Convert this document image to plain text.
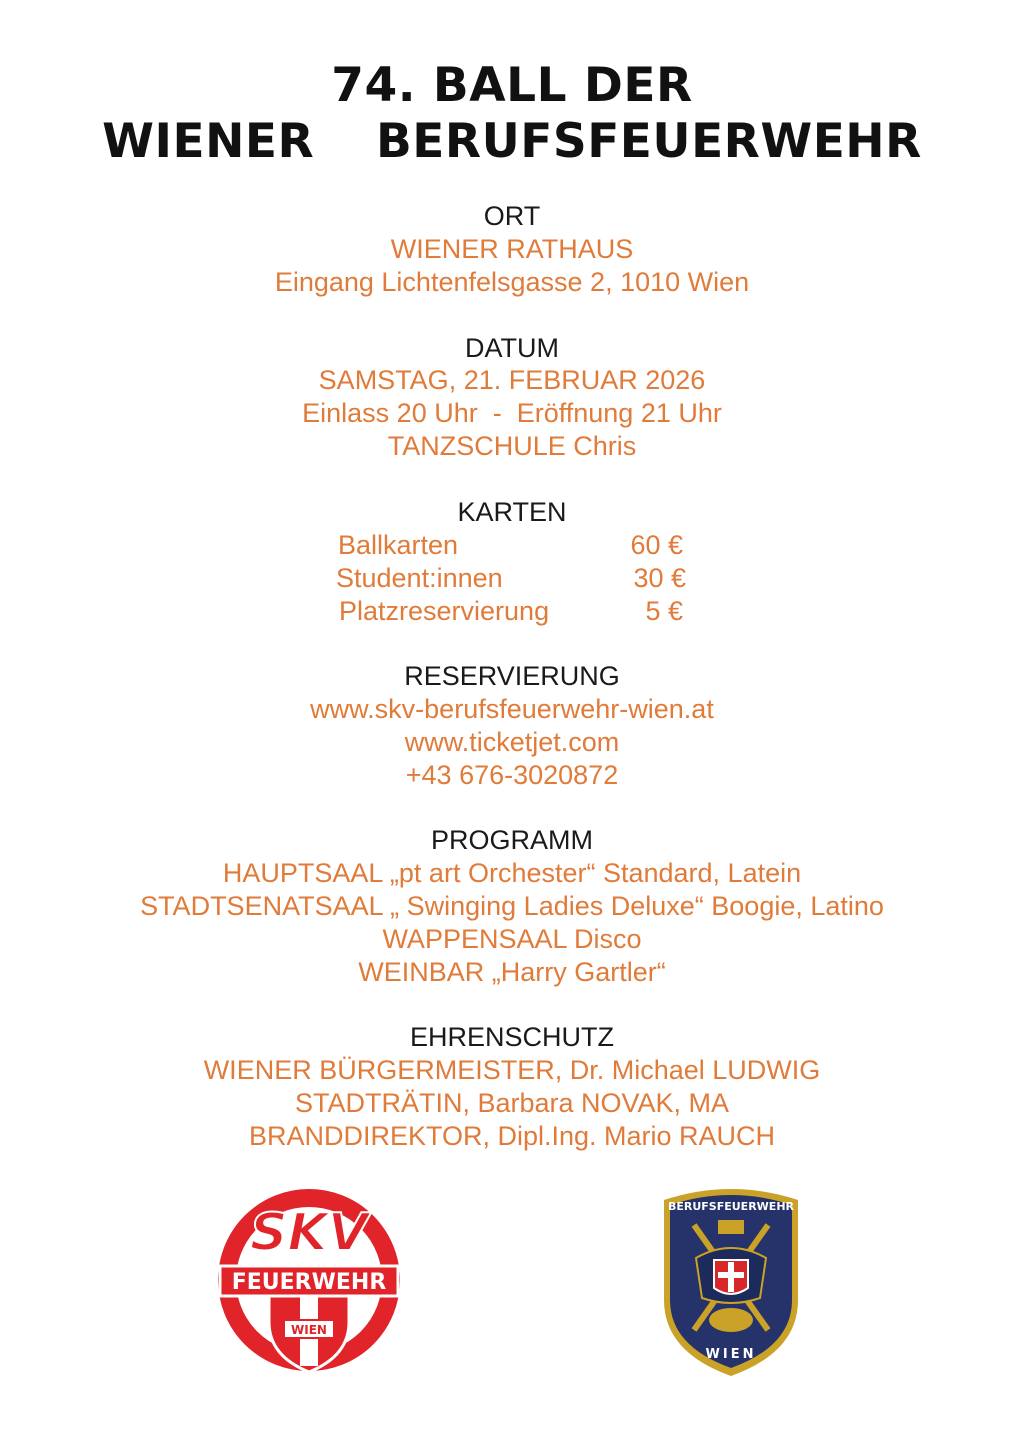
74. BALL DER
WIENER  BERUFSFEUERWEHR
ORT
WIENER RATHAUS
Eingang Lichtenfelsgasse 2, 1010 Wien
DATUM
SAMSTAG, 21. FEBRUAR 2026
Einlass 20 Uhr  -  Eröffnung 21 Uhr
TANZSCHULE Chris
KARTEN
Ballkarten	60 €
Student:innen	30 €
Platzreservierung	5 €
RESERVIERUNG
www.skv-berufsfeuerwehr-wien.at
www.ticketjet.com
+43 676-3020872
PROGRAMM
HAUPTSAAL „pt art Orchester“ Standard, Latein
STADTSENATSAAL „ Swinging Ladies Deluxe“ Boogie, Latino
WAPPENSAAL Disco
WEINBAR „Harry Gartler“
EHRENSCHUTZ
WIENER BÜRGERMEISTER, Dr. Michael LUDWIG
STADTRÄTIN, Barbara NOVAK, MA
BRANDDIREKTOR, Dipl.Ing. Mario RAUCH
SKV
FEUERWEHR
WIEN
BERUFSFEUERWEHR
WIEN
